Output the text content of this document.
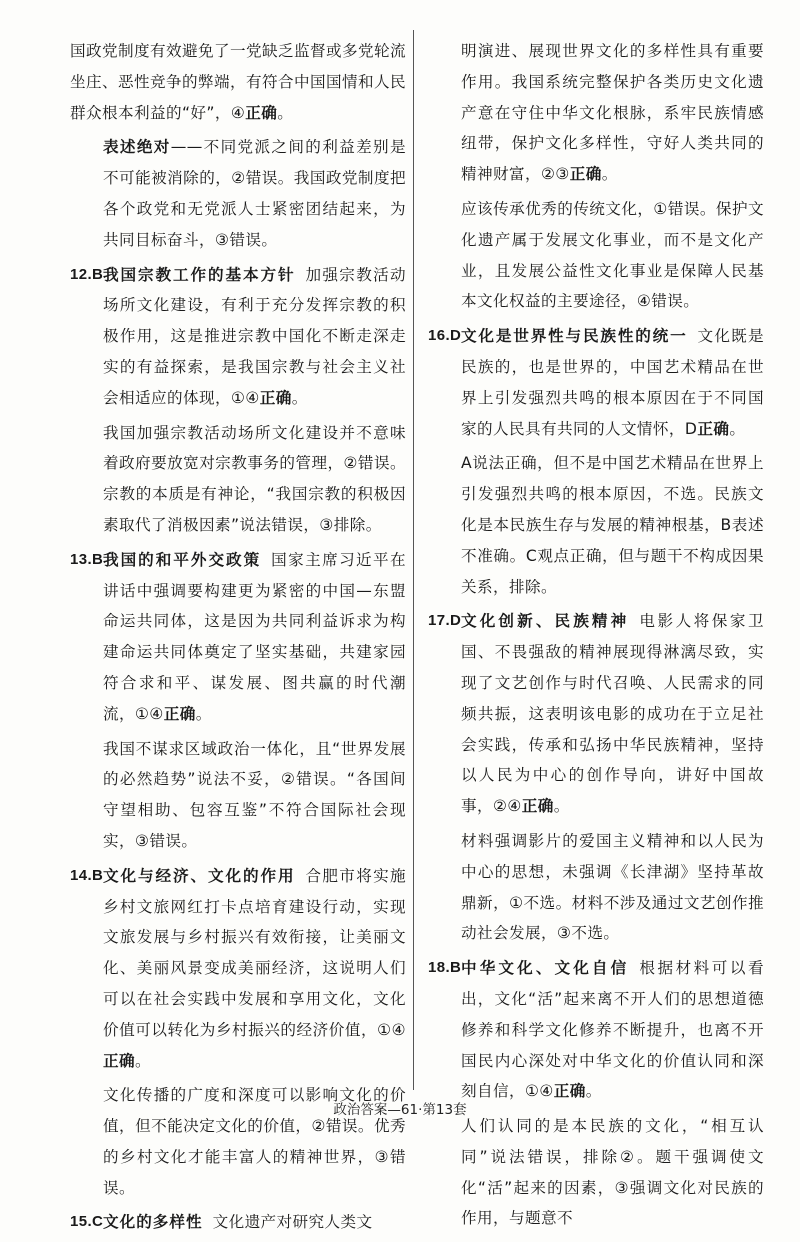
国政党制度有效避免了一党缺乏监督或多党轮流坐庄、恶性竞争的弊端，有符合中国国情和人民群众根本利益的“好”，④正确。
表述绝对——不同党派之间的利益差别是不可能被消除的，②错误。我国政党制度把各个政党和无党派人士紧密团结起来，为共同目标奋斗，③错误。
12.B 我国宗教工作的基本方针 加强宗教活动场所文化建设，有利于充分发挥宗教的积极作用，这是推进宗教中国化不断走深走实的有益探索，是我国宗教与社会主义社会相适应的体现，①④正确。
我国加强宗教活动场所文化建设并不意味着政府要放宽对宗教事务的管理，②错误。宗教的本质是有神论，“我国宗教的积极因素取代了消极因素”说法错误，③排除。
13.B 我国的和平外交政策 国家主席习近平在讲话中强调要构建更为紧密的中国—东盟命运共同体，这是因为共同利益诉求为构建命运共同体奠定了坚实基础，共建家园符合求和平、谋发展、图共赢的时代潮流，①④正确。
我国不谋求区域政治一体化，且“世界发展的必然趋势”说法不妥，②错误。“各国间守望相助、包容互鉴”不符合国际社会现实，③错误。
14.B 文化与经济、文化的作用 合肥市将实施乡村文旅网红打卡点培育建设行动，实现文旅发展与乡村振兴有效衔接，让美丽文化、美丽风景变成美丽经济，这说明人们可以在社会实践中发展和享用文化，文化价值可以转化为乡村振兴的经济价值，①④正确。
文化传播的广度和深度可以影响文化的价值，但不能决定文化的价值，②错误。优秀的乡村文化才能丰富人的精神世界，③错误。
15.C 文化的多样性 文化遗产对研究人类文
明演进、展现世界文化的多样性具有重要作用。我国系统完整保护各类历史文化遗产意在守住中华文化根脉，系牢民族情感纽带，保护文化多样性，守好人类共同的精神财富，②③正确。
应该传承优秀的传统文化，①错误。保护文化遗产属于发展文化事业，而不是文化产业，且发展公益性文化事业是保障人民基本文化权益的主要途径，④错误。
16.D 文化是世界性与民族性的统一 文化既是民族的，也是世界的，中国艺术精品在世界上引发强烈共鸣的根本原因在于不同国家的人民具有共同的人文情怀，D正确。
A说法正确，但不是中国艺术精品在世界上引发强烈共鸣的根本原因，不选。民族文化是本民族生存与发展的精神根基，B表述不准确。C观点正确，但与题干不构成因果关系，排除。
17.D 文化创新、民族精神 电影人将保家卫国、不畏强敌的精神展现得淋漓尽致，实现了文艺创作与时代召唤、人民需求的同频共振，这表明该电影的成功在于立足社会实践，传承和弘扬中华民族精神，坚持以人民为中心的创作导向，讲好中国故事，②④正确。
材料强调影片的爱国主义精神和以人民为中心的思想，未强调《长津湖》坚持革故鼎新，①不选。材料不涉及通过文艺创作推动社会发展，③不选。
18.B 中华文化、文化自信 根据材料可以看出，文化“活”起来离不开人们的思想道德修养和科学文化修养不断提升，也离不开国民内心深处对中华文化的价值认同和深刻自信，①④正确。
人们认同的是本民族的文化，“相互认同”说法错误，排除②。题干强调使文化“活”起来的因素，③强调文化对民族的作用，与题意不
政治答案—61·第13套
